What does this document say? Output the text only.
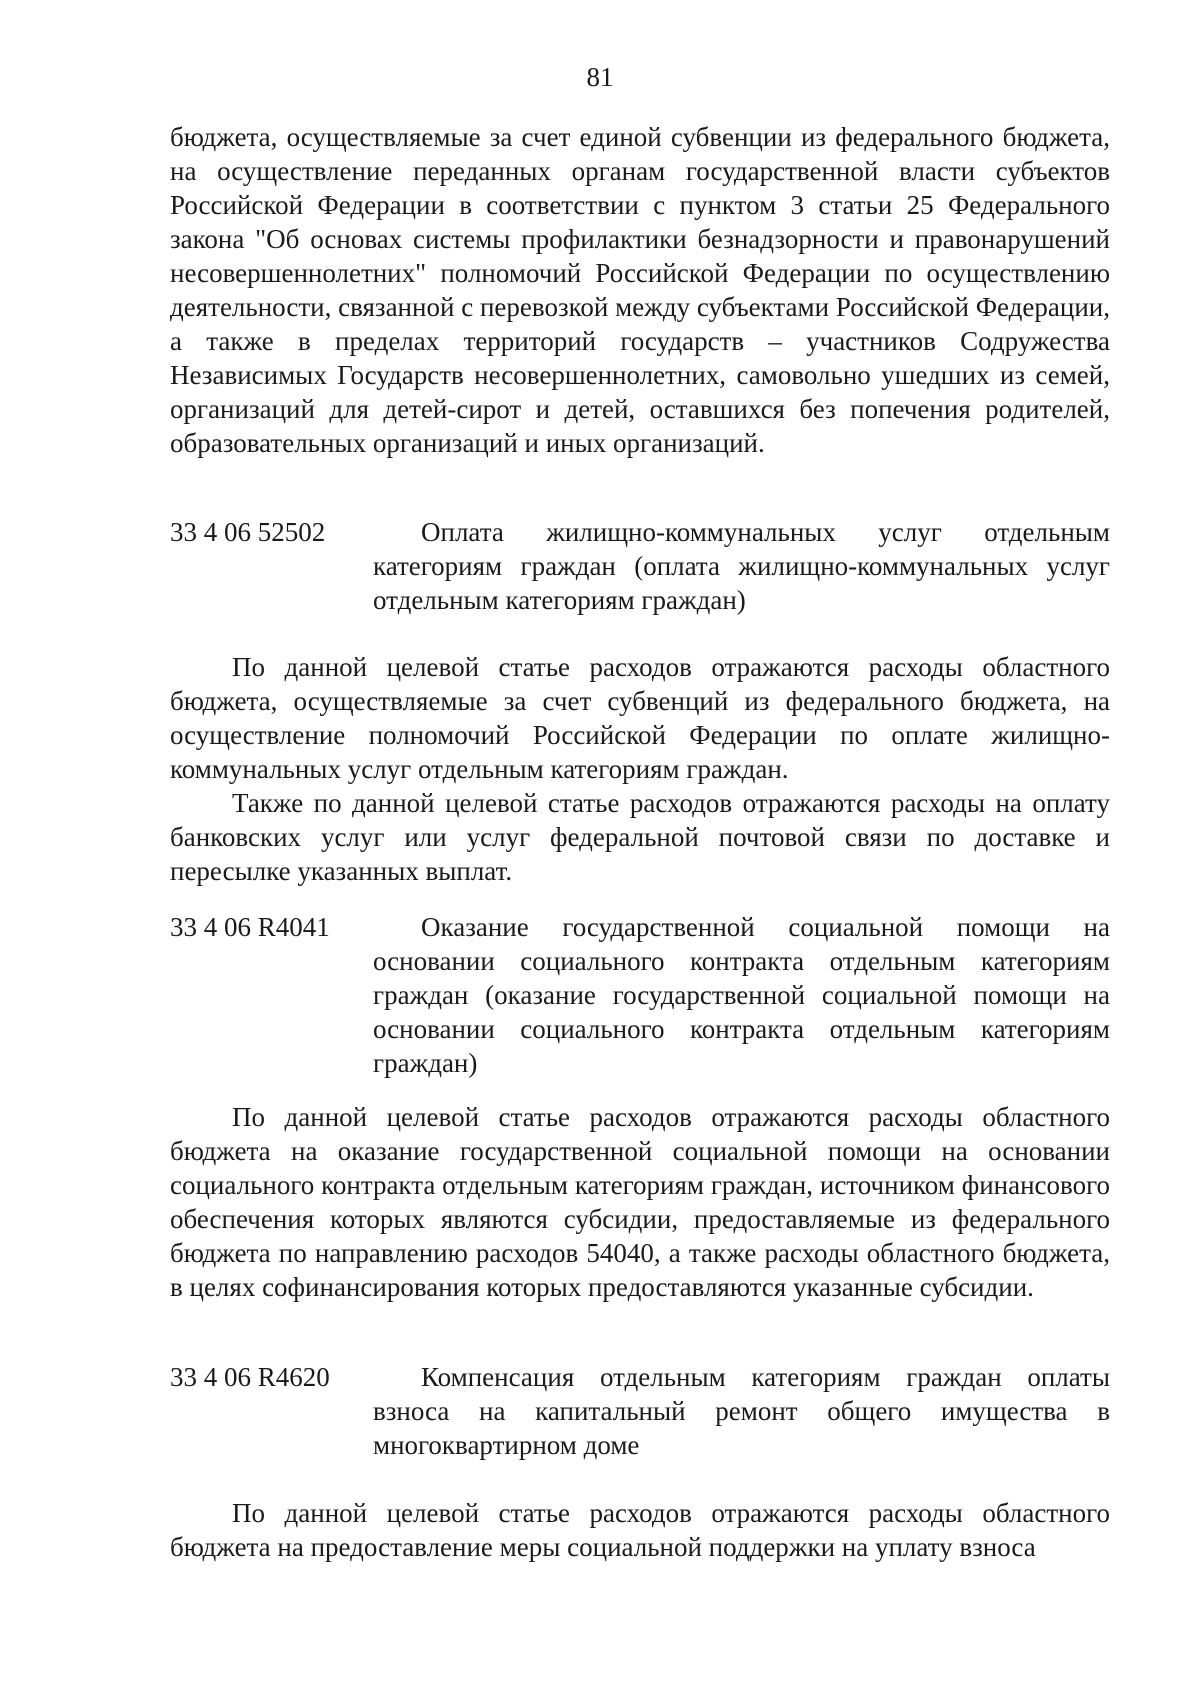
81

бюджета, осуществляемые за счет единой субвенции из федерального бюджета, на осуществление переданных органам государственной власти субъектов Российской Федерации в соответствии с пунктом 3 статьи 25 Федерального закона "Об основах системы профилактики безнадзорности и правонарушений несовершеннолетних" полномочий Российской Федерации по осуществлению деятельности, связанной с перевозкой между субъектами Российской Федерации, а также в пределах территорий государств – участников Содружества Независимых Государств несовершеннолетних, самовольно ушедших из семей, организаций для детей-сирот и детей, оставшихся без попечения родителей, образовательных организаций и иных организаций.

33 4 06 52502	Оплата жилищно-коммунальных услуг отдельным категориям граждан (оплата жилищно-коммунальных услуг отдельным категориям граждан)

По данной целевой статье расходов отражаются расходы областного бюджета, осуществляемые за счет субвенций из федерального бюджета, на осуществление полномочий Российской Федерации по оплате жилищно-коммунальных услуг отдельным категориям граждан.

Также по данной целевой статье расходов отражаются расходы на оплату банковских услуг или услуг федеральной почтовой связи по доставке и пересылке указанных выплат.

33 4 06 R4041	Оказание государственной социальной помощи на основании социального контракта отдельным категориям граждан (оказание государственной социальной помощи на основании социального контракта отдельным категориям граждан)

По данной целевой статье расходов отражаются расходы областного бюджета на оказание государственной социальной помощи на основании социального контракта отдельным категориям граждан, источником финансового обеспечения которых являются субсидии, предоставляемые из федерального бюджета по направлению расходов 54040, а также расходы областного бюджета, в целях софинансирования которых предоставляются указанные субсидии.

33 4 06 R4620	Компенсация отдельным категориям граждан оплаты взноса на капитальный ремонт общего имущества в многоквартирном доме

По данной целевой статье расходов отражаются расходы областного бюджета на предоставление меры социальной поддержки на уплату взноса
